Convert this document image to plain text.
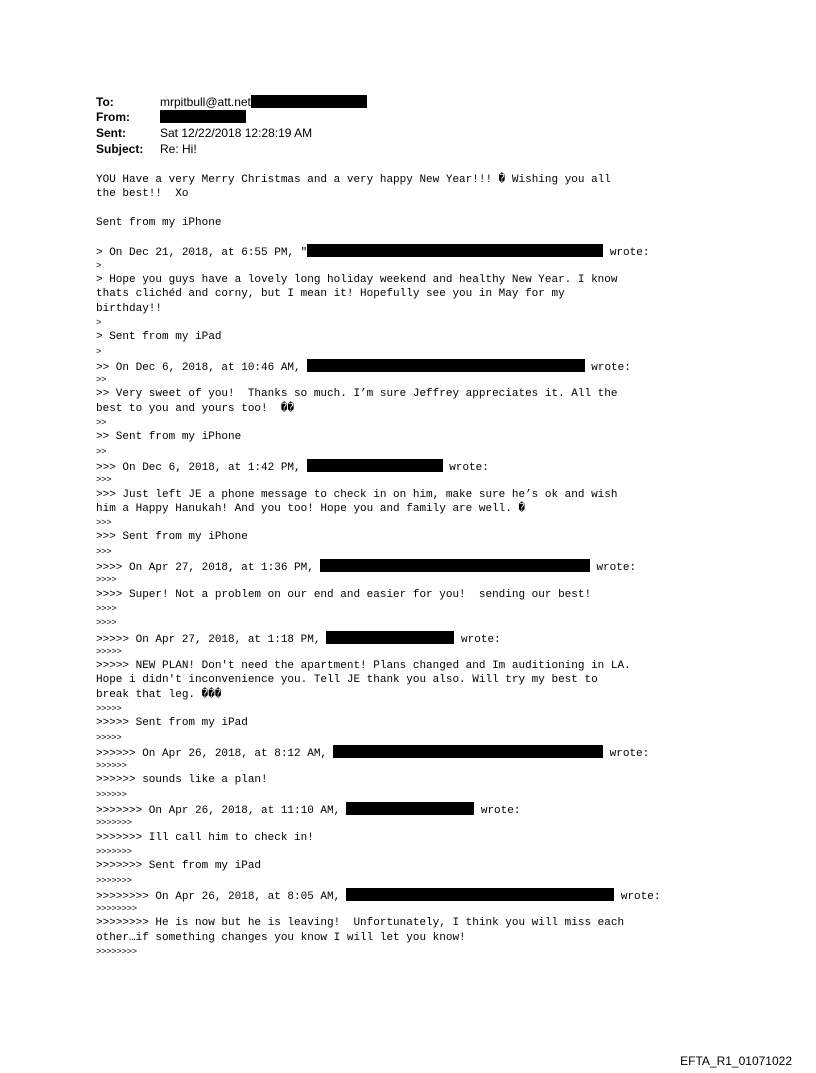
To:	mrpitbull@att.net
From:
Sent:	Sat 12/22/2018 12:28:19 AM
Subject: Re: Hi!
YOU Have a very Merry Christmas and a very happy New Year!!! � Wishing you all
the best!!  Xo
Sent from my iPhone
> On Dec 21, 2018, at 6:55 PM, "	wrote:
>
> Hope you guys have a lovely long holiday weekend and healthy New Year. I know
thats clichéd and corny, but I mean it! Hopefully see you in May for my
birthday!!
>
> Sent from my iPad
>
>> On Dec 6, 2018, at 10:46 AM,	wrote:
>>
>> Very sweet of you!  Thanks so much. I’m sure Jeffrey appreciates it. All the
best to you and yours too!  ��
>>
>> Sent from my iPhone
>>
>>> On Dec 6, 2018, at 1:42 PM,	wrote:
>>>
>>> Just left JE a phone message to check in on him, make sure he’s ok and wish
him a Happy Hanukah! And you too! Hope you and family are well. �
>>>
>>> Sent from my iPhone
>>>
>>>> On Apr 27, 2018, at 1:36 PM,	wrote:
>>>>
>>>> Super! Not a problem on our end and easier for you!  sending our best!
>>>>
>>>>
>>>>> On Apr 27, 2018, at 1:18 PM,	wrote:
>>>>>
>>>>> NEW PLAN! Don't need the apartment! Plans changed and Im auditioning in LA.
Hope i didn't inconvenience you. Tell JE thank you also. Will try my best to
break that leg. ���
>>>>>
>>>>> Sent from my iPad
>>>>>
>>>>>> On Apr 26, 2018, at 8:12 AM,	wrote:
>>>>>>
>>>>>> sounds like a plan!
>>>>>>
>>>>>>> On Apr 26, 2018, at 11:10 AM,	wrote:
>>>>>>>
>>>>>>> Ill call him to check in!
>>>>>>>
>>>>>>> Sent from my iPad
>>>>>>>
>>>>>>>> On Apr 26, 2018, at 8:05 AM,	wrote:
>>>>>>>>
>>>>>>>> He is now but he is leaving!  Unfortunately, I think you will miss each
other…if something changes you know I will let you know!
>>>>>>>>
EFTA_R1_01071022
